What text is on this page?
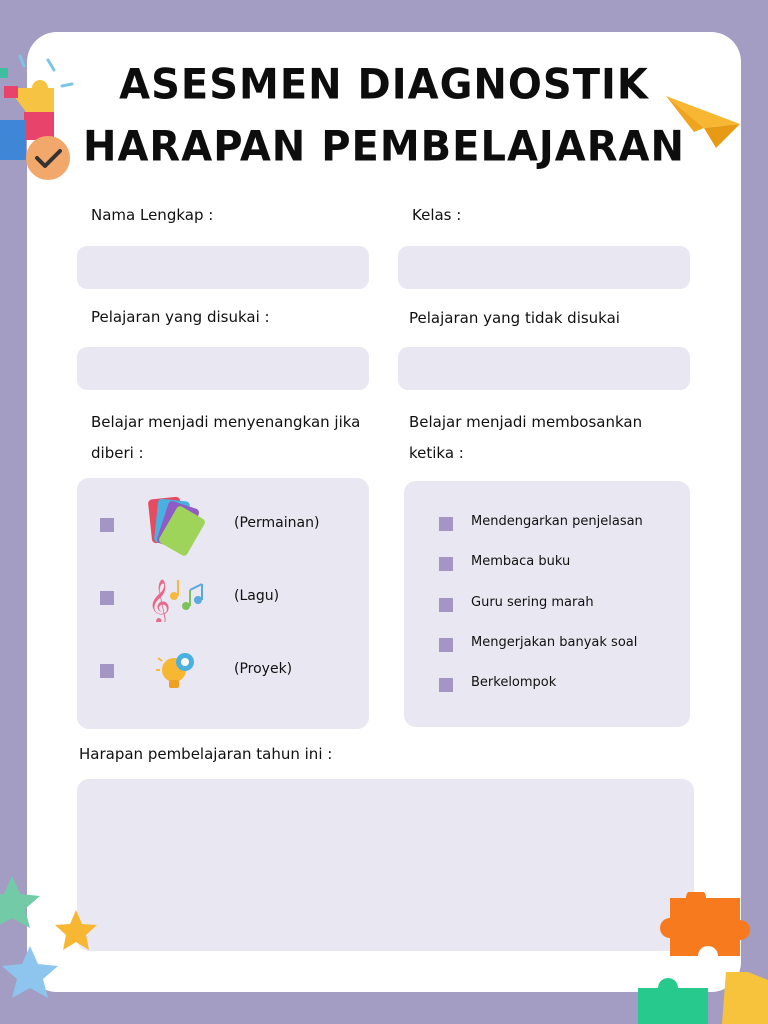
ASESMEN DIAGNOSTIK
HARAPAN PEMBELAJARAN
Nama Lengkap :	Kelas :
Pelajaran yang disukai :	Pelajaran yang tidak disukai
Belajar menjadi menyenangkan jika
diberi :
Belajar menjadi membosankan
ketika :
(Permainan)
𝄞	(Lagu)
(Proyek)
Mendengarkan penjelasan
Membaca buku
Guru sering marah
Mengerjakan banyak soal
Berkelompok
Harapan pembelajaran tahun ini :
